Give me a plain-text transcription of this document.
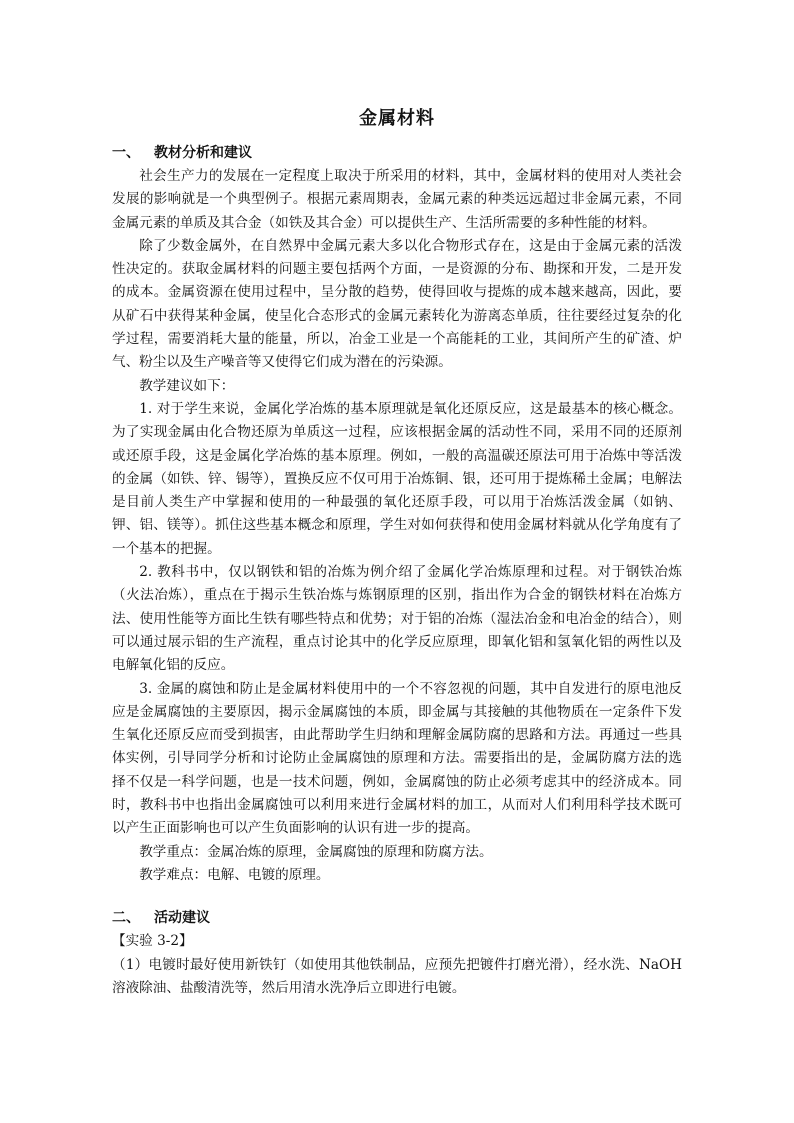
金属材料

一、 教材分析和建议

社会生产力的发展在一定程度上取决于所采用的材料，其中，金属材料的使用对人类社会发展的影响就是一个典型例子。根据元素周期表，金属元素的种类远远超过非金属元素，不同金属元素的单质及其合金（如铁及其合金）可以提供生产、生活所需要的多种性能的材料。

除了少数金属外，在自然界中金属元素大多以化合物形式存在，这是由于金属元素的活泼性决定的。获取金属材料的问题主要包括两个方面，一是资源的分布、勘探和开发，二是开发的成本。金属资源在使用过程中，呈分散的趋势，使得回收与提炼的成本越来越高，因此，要从矿石中获得某种金属，使呈化合态形式的金属元素转化为游离态单质，往往要经过复杂的化学过程，需要消耗大量的能量，所以，冶金工业是一个高能耗的工业，其间所产生的矿渣、炉气、粉尘以及生产噪音等又使得它们成为潜在的污染源。

教学建议如下：

1. 对于学生来说，金属化学冶炼的基本原理就是氧化还原反应，这是最基本的核心概念。为了实现金属由化合物还原为单质这一过程，应该根据金属的活动性不同，采用不同的还原剂或还原手段，这是金属化学冶炼的基本原理。例如，一般的高温碳还原法可用于冶炼中等活泼的金属（如铁、锌、锡等），置换反应不仅可用于冶炼铜、银，还可用于提炼稀土金属；电解法是目前人类生产中掌握和使用的一种最强的氧化还原手段，可以用于冶炼活泼金属（如钠、钾、铝、镁等）。抓住这些基本概念和原理，学生对如何获得和使用金属材料就从化学角度有了一个基本的把握。

2. 教科书中，仅以钢铁和铝的冶炼为例介绍了金属化学冶炼原理和过程。对于钢铁冶炼（火法冶炼），重点在于揭示生铁冶炼与炼钢原理的区别，指出作为合金的钢铁材料在冶炼方法、使用性能等方面比生铁有哪些特点和优势；对于铝的冶炼（湿法冶金和电冶金的结合），则可以通过展示铝的生产流程，重点讨论其中的化学反应原理，即氧化铝和氢氧化铝的两性以及电解氧化铝的反应。

3. 金属的腐蚀和防止是金属材料使用中的一个不容忽视的问题，其中自发进行的原电池反应是金属腐蚀的主要原因，揭示金属腐蚀的本质，即金属与其接触的其他物质在一定条件下发生氧化还原反应而受到损害，由此帮助学生归纳和理解金属防腐的思路和方法。再通过一些具体实例，引导同学分析和讨论防止金属腐蚀的原理和方法。需要指出的是，金属防腐方法的选择不仅是一科学问题，也是一技术问题，例如，金属腐蚀的防止必须考虑其中的经济成本。同时，教科书中也指出金属腐蚀可以利用来进行金属材料的加工，从而对人们利用科学技术既可以产生正面影响也可以产生负面影响的认识有进一步的提高。

教学重点：金属冶炼的原理，金属腐蚀的原理和防腐方法。

教学难点：电解、电镀的原理。

二、 活动建议

【实验 3-2】

（1）电镀时最好使用新铁钉（如使用其他铁制品，应预先把镀件打磨光滑），经水洗、NaOH溶液除油、盐酸清洗等，然后用清水洗净后立即进行电镀。
